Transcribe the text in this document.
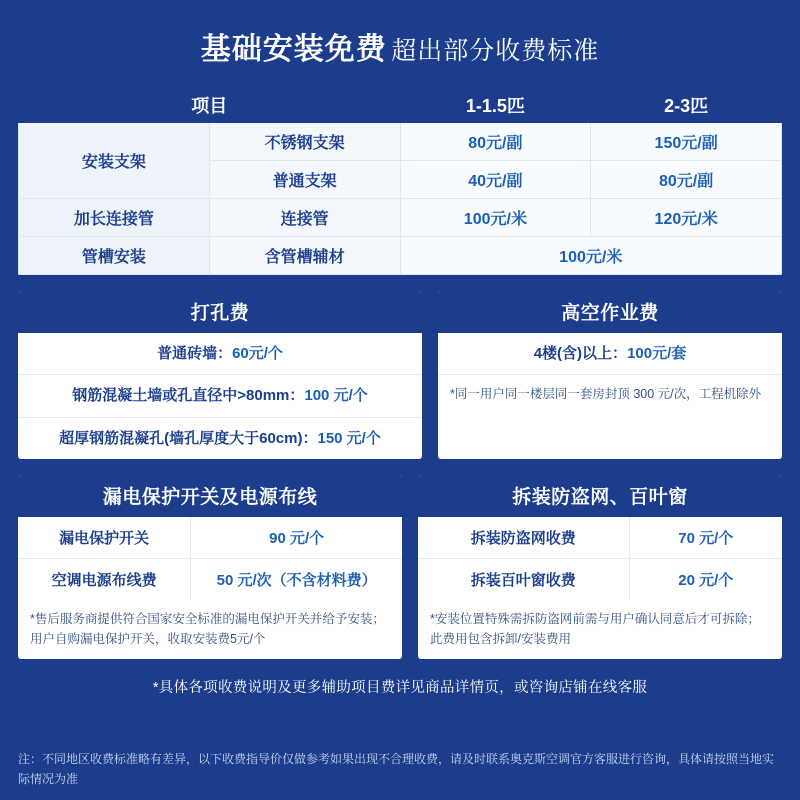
基础安装免费 超出部分收费标准
项目		1-1.5匹	2-3匹
安装支架	不锈钢支架	80元/副	150元/副
	普通支架	40元/副	80元/副
加长连接管	连接管	100元/米	120元/米
管槽安装	含管槽辅材	100元/米	
打孔费
普通砖墙：60元/个
钢筋混凝土墙或孔直径中>80mm：100 元/个
超厚钢筋混凝孔(墙孔厚度大于60cm)：150 元/个
高空作业费
4楼(含)以上：100元/套
*同一用户同一楼层同一套房封顶 300 元/次，工程机除外
漏电保护开关及电源布线
漏电保护开关	90 元/个
空调电源布线费	50 元/次（不含材料费）
*售后服务商提供符合国家安全标准的漏电保护开关并给予安装；用户自购漏电保护开关，收取安装费5元/个
拆装防盗网、百叶窗
拆装防盗网收费	70 元/个
拆装百叶窗收费	20 元/个
*安装位置特殊需拆防盗网前需与用户确认同意后才可拆除；此费用包含拆卸/安装费用
*具体各项收费说明及更多辅助项目费详见商品详情页，或咨询店铺在线客服
注：不同地区收费标准略有差异，以下收费指导价仅做参考如果出现不合理收费，请及时联系奥克斯空调官方客服进行咨询，具体请按照当地实际情况为准
